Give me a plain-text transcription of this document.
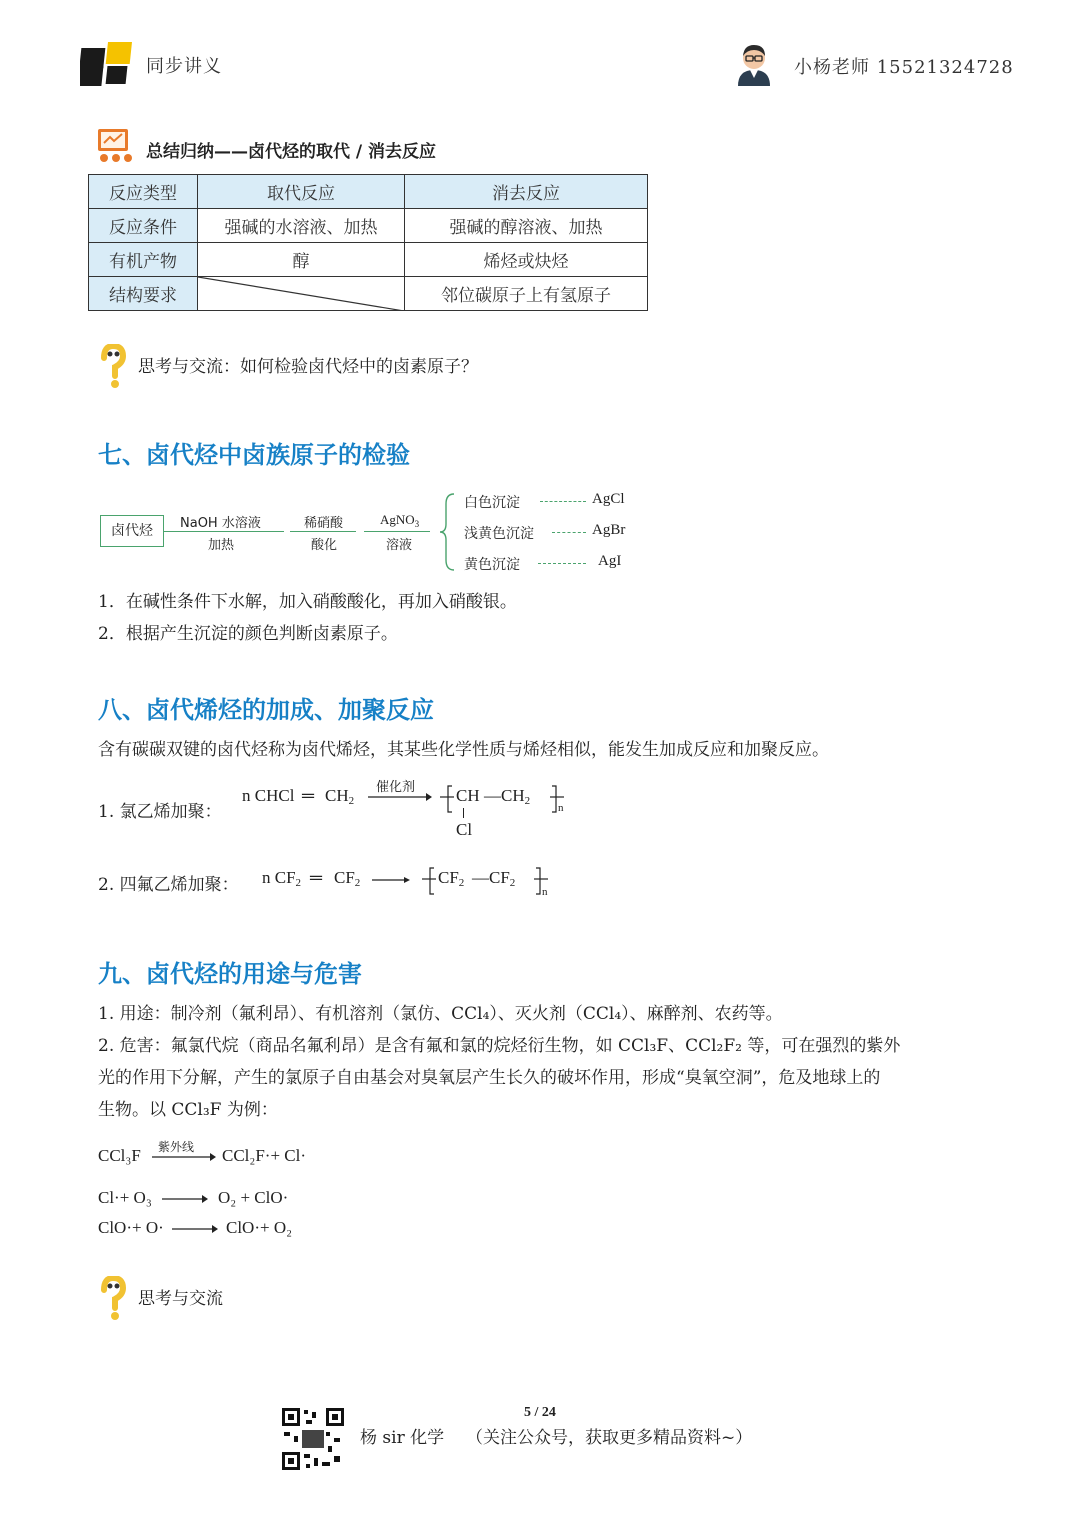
同步讲义	小杨老师 15521324728
总结归纳——卤代烃的取代 / 消去反应
反应类型	取代反应	消去反应
反应条件	强碱的水溶液、加热	强碱的醇溶液、加热
有机产物	醇	烯烃或炔烃
结构要求		邻位碳原子上有氢原子
思考与交流：如何检验卤代烃中的卤素原子？
七、卤代烃中卤族原子的检验
卤代烃	NaOH 水溶液
加热
稀硝酸
酸化
AgNO$_3$
溶液
白色沉淀	AgCl
浅黄色沉淀	AgBr
黄色沉淀	AgI
1．在碱性条件下水解，加入硝酸酸化，再加入硝酸银。
2．根据产生沉淀的颜色判断卤素原子。
八、卤代烯烃的加成、加聚反应
含有碳碳双键的卤代烃称为卤代烯烃，其某些化学性质与烯烃相似，能发生加成反应和加聚反应。
1. 氯乙烯加聚：
n CHCl ═ $CH_2$
催化剂 → CH $—CH_2$
n
Cl
2. 四氟乙烯加聚： n $CF_2$ ═ $CF_2 \to CF_2$ $—CF_2$
n
九、卤代烃的用途与危害
1. 用途：制冷剂（氟利昂）、有机溶剂（氯仿、CCl₄）、灭火剂（CCl₄）、麻醉剂、农药等。
2. 危害：氟氯代烷（商品名氟利昂）是含有氟和氯的烷烃衍生物，如 CCl₃F、CCl₂F₂ 等，可在强烈的紫外
光的作用下分解，产生的氯原子自由基会对臭氧层产生长久的破坏作用，形成“臭氧空洞”，危及地球上的
生物。以 CCl₃F 为例：
CCl₃F 紫外线 → CCl₂F·+ Cl·
Cl·+ O₃ → O₂ + ClO·
ClO·+ O· → ClO·+ O₂
思考与交流
5 / 24
杨 sir 化学 （关注公众号，获取更多精品资料~）
